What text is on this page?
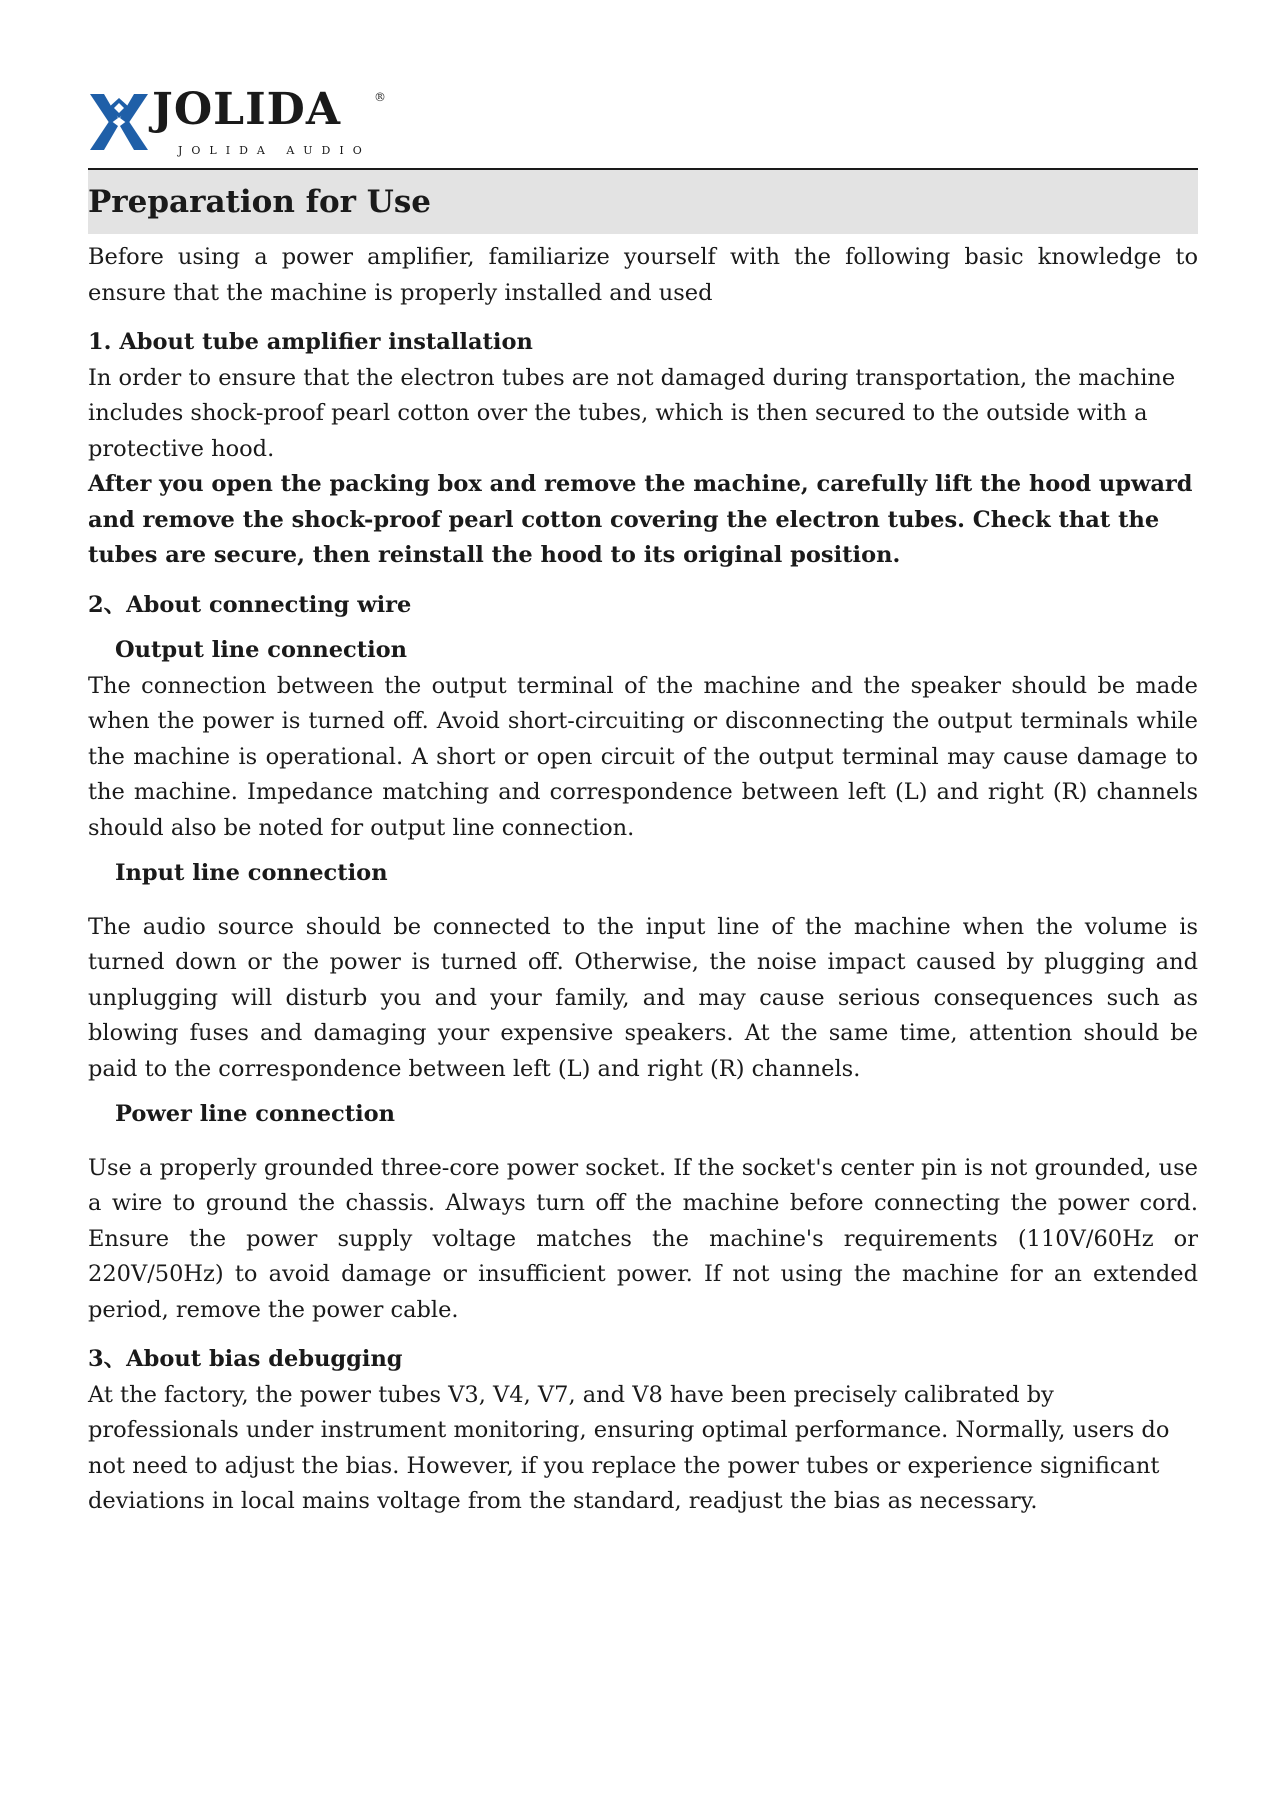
JOLIDA	®
JOLIDA AUDIO
Preparation for Use

Before using a power amplifier, familiarize yourself with the following basic knowledge to ensure that the machine is properly installed and used

1. About tube amplifier installation

In order to ensure that the electron tubes are not damaged during transportation, the machine includes shock-proof pearl cotton over the tubes, which is then secured to the outside with a protective hood.

After you open the packing box and remove the machine, carefully lift the hood upward and remove the shock-proof pearl cotton covering the electron tubes. Check that the tubes are secure, then reinstall the hood to its original position.

2、About connecting wire
Output line connection

The connection between the output terminal of the machine and the speaker should be made when the power is turned off. Avoid short-circuiting or disconnecting the output terminals while the machine is operational. A short or open circuit of the output terminal may cause damage to the machine. Impedance matching and correspondence between left (L) and right (R) channels should also be noted for output line connection.

Input line connection

The audio source should be connected to the input line of the machine when the volume is turned down or the power is turned off. Otherwise, the noise impact caused by plugging and unplugging will disturb you and your family, and may cause serious consequences such as blowing fuses and damaging your expensive speakers. At the same time, attention should be paid to the correspondence between left (L) and right (R) channels.

Power line connection

Use a properly grounded three-core power socket. If the socket's center pin is not grounded, use a wire to ground the chassis. Always turn off the machine before connecting the power cord. Ensure the power supply voltage matches the machine's requirements (110V/60Hz or 220V/50Hz) to avoid damage or insufficient power. If not using the machine for an extended period, remove the power cable.

3、About bias debugging

At the factory, the power tubes V3, V4, V7, and V8 have been precisely calibrated by professionals under instrument monitoring, ensuring optimal performance. Normally, users do not need to adjust the bias. However, if you replace the power tubes or experience significant deviations in local mains voltage from the standard, readjust the bias as necessary.
